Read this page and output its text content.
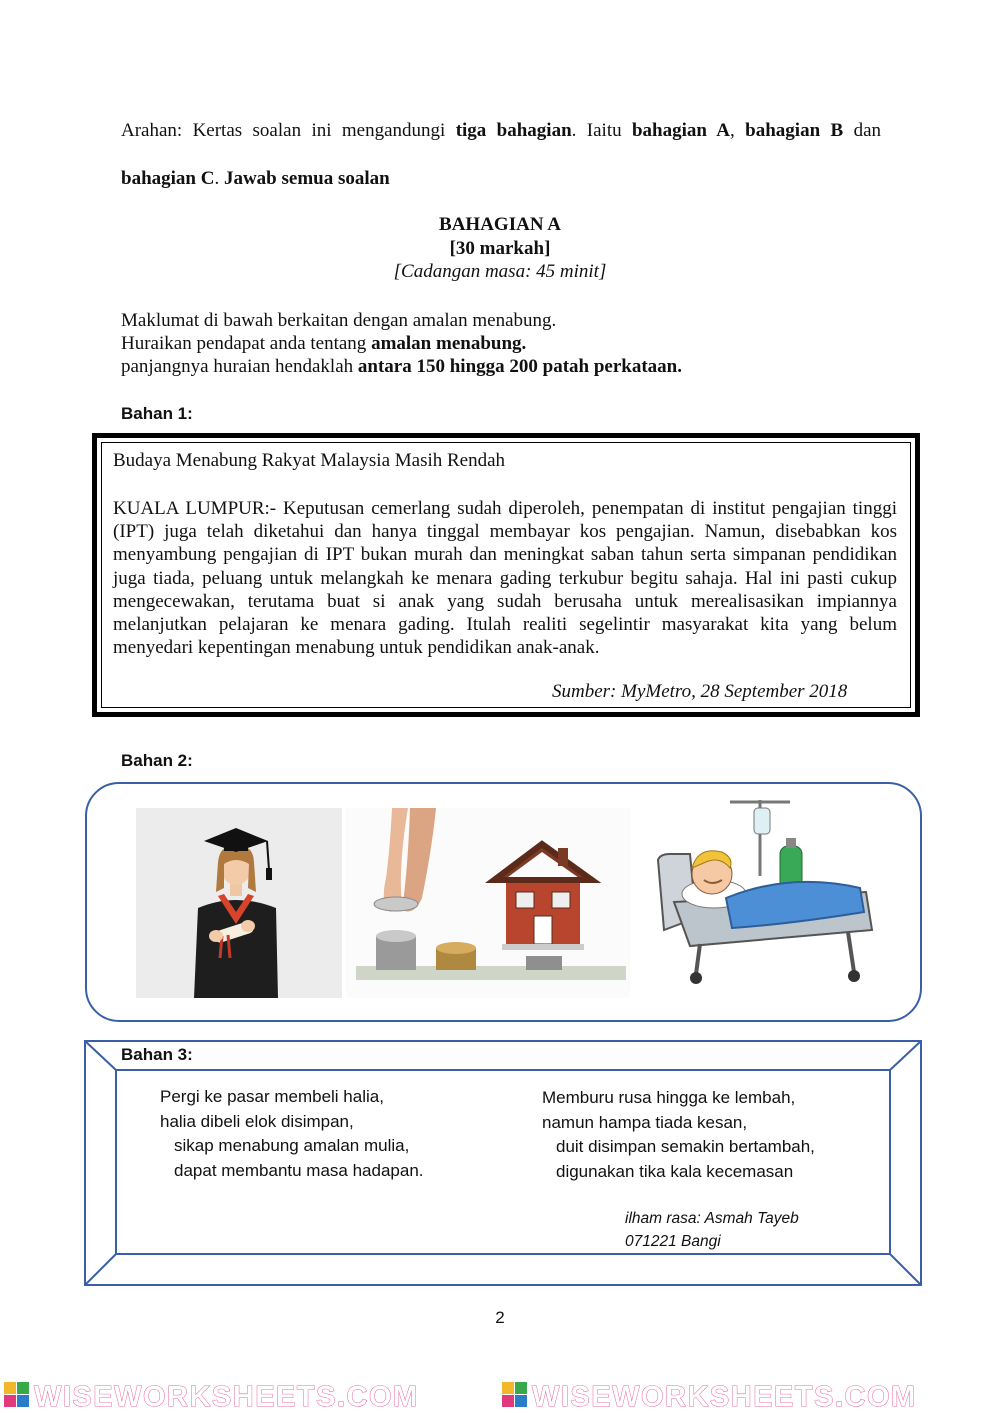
Arahan: Kertas soalan ini mengandungi tiga bahagian. Iaitu bahagian A, bahagian B dan
bahagian C. Jawab semua soalan
BAHAGIAN A
[30 markah]
[Cadangan masa: 45 minit]
Maklumat di bawah berkaitan dengan amalan menabung.
Huraikan pendapat anda tentang amalan menabung.
panjangnya huraian hendaklah antara 150 hingga 200 patah perkataan.
Bahan 1:
Budaya Menabung Rakyat Malaysia Masih Rendah
KUALA LUMPUR:- Keputusan cemerlang sudah diperoleh, penempatan di institut pengajian tinggi (IPT) juga telah diketahui dan hanya tinggal membayar kos pengajian. Namun, disebabkan kos menyambung pengajian di IPT bukan murah dan meningkat saban tahun serta simpanan pendidikan juga tiada, peluang untuk melangkah ke menara gading terkubur begitu sahaja. Hal ini pasti cukup mengecewakan, terutama buat si anak yang sudah berusaha untuk merealisasikan impiannya melanjutkan pelajaran ke menara gading. Itulah realiti segelintir masyarakat kita yang belum menyedari kepentingan menabung untuk pendidikan anak-anak.
Sumber: MyMetro, 28 September 2018
Bahan 2:
Bahan 3:
Pergi ke pasar membeli halia,
halia dibeli elok disimpan,
sikap menabung amalan mulia,
dapat membantu masa hadapan.
Memburu rusa hingga ke lembah,
namun hampa tiada kesan,
duit disimpan semakin bertambah,
digunakan tika kala kecemasan
ilham rasa: Asmah Tayeb
071221 Bangi
2
WISEWORKSHEETS.COM	WISEWORKSHEETS.COM
